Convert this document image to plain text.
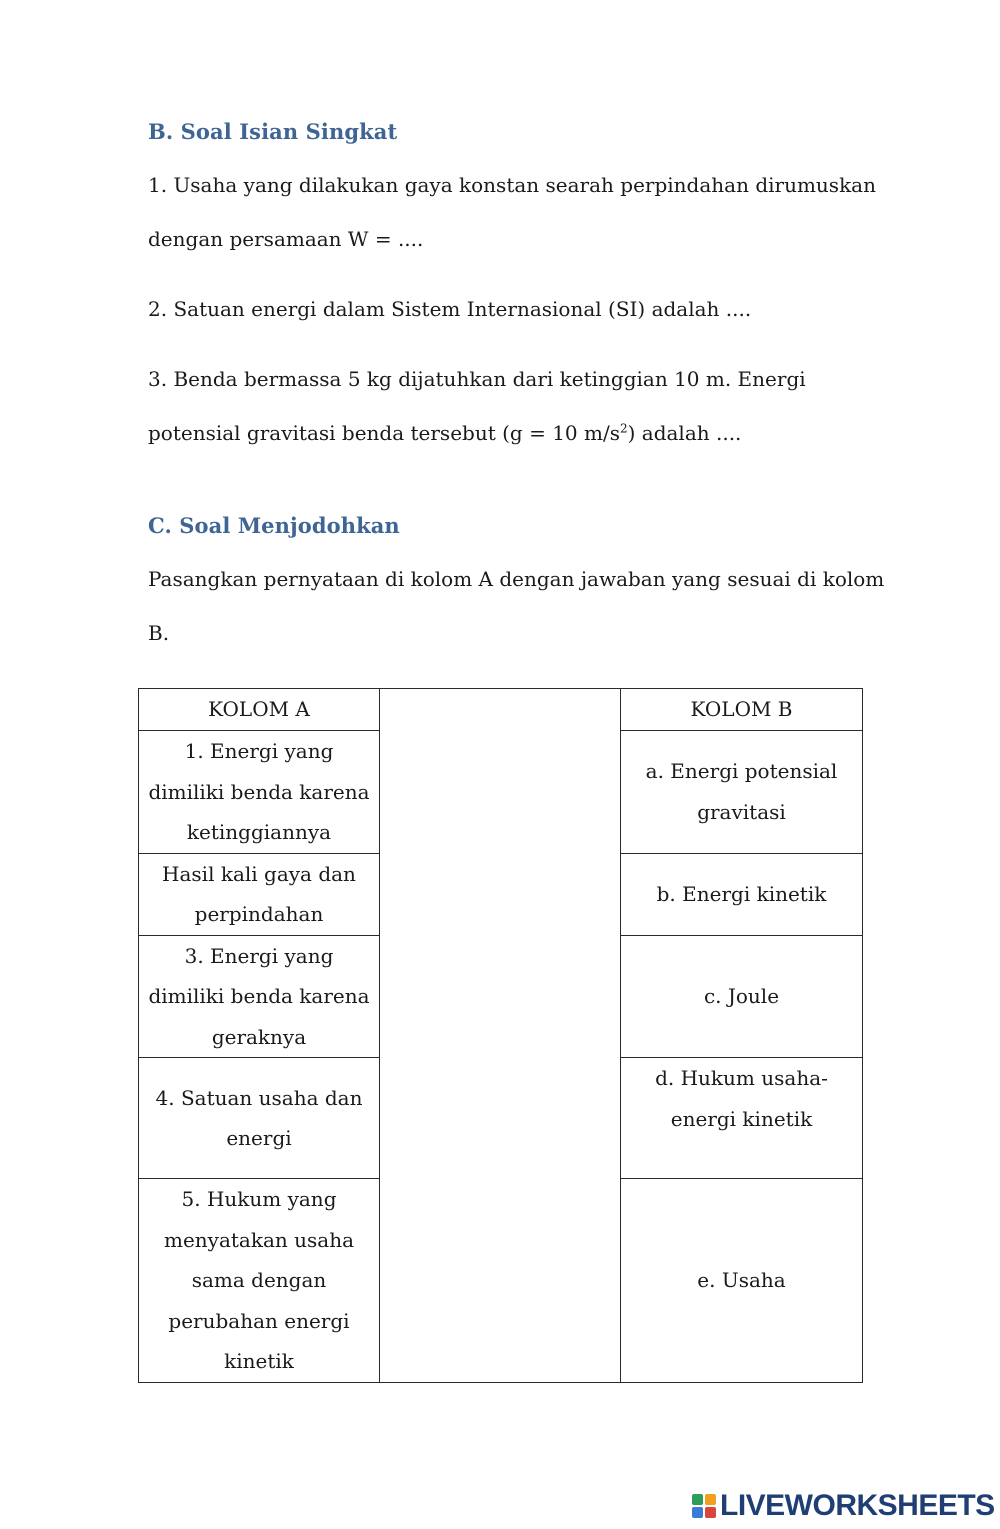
B. Soal Isian Singkat
1. Usaha yang dilakukan gaya konstan searah perpindahan dirumuskan
dengan persamaan W = ....
2. Satuan energi dalam Sistem Internasional (SI) adalah ....
3. Benda bermassa 5 kg dijatuhkan dari ketinggian 10 m. Energi
potensial gravitasi benda tersebut (g = 10 $m/s^2$) adalah ....
C. Soal Menjodohkan
Pasangkan pernyataan di kolom A dengan jawaban yang sesuai di kolom
B.
KOLOM A		KOLOM B
1. Energi yang dimiliki benda karena ketinggiannya		a. Energi potensial gravitasi
Hasil kali gaya dan perpindahan		b. Energi kinetik
3. Energi yang dimiliki benda karena geraknya		c. Joule
4. Satuan usaha dan energi		d. Hukum usaha-energi kinetik
5. Hukum yang menyatakan usaha sama dengan perubahan energi kinetik		e. Usaha
LIVEWORKSHEETS
